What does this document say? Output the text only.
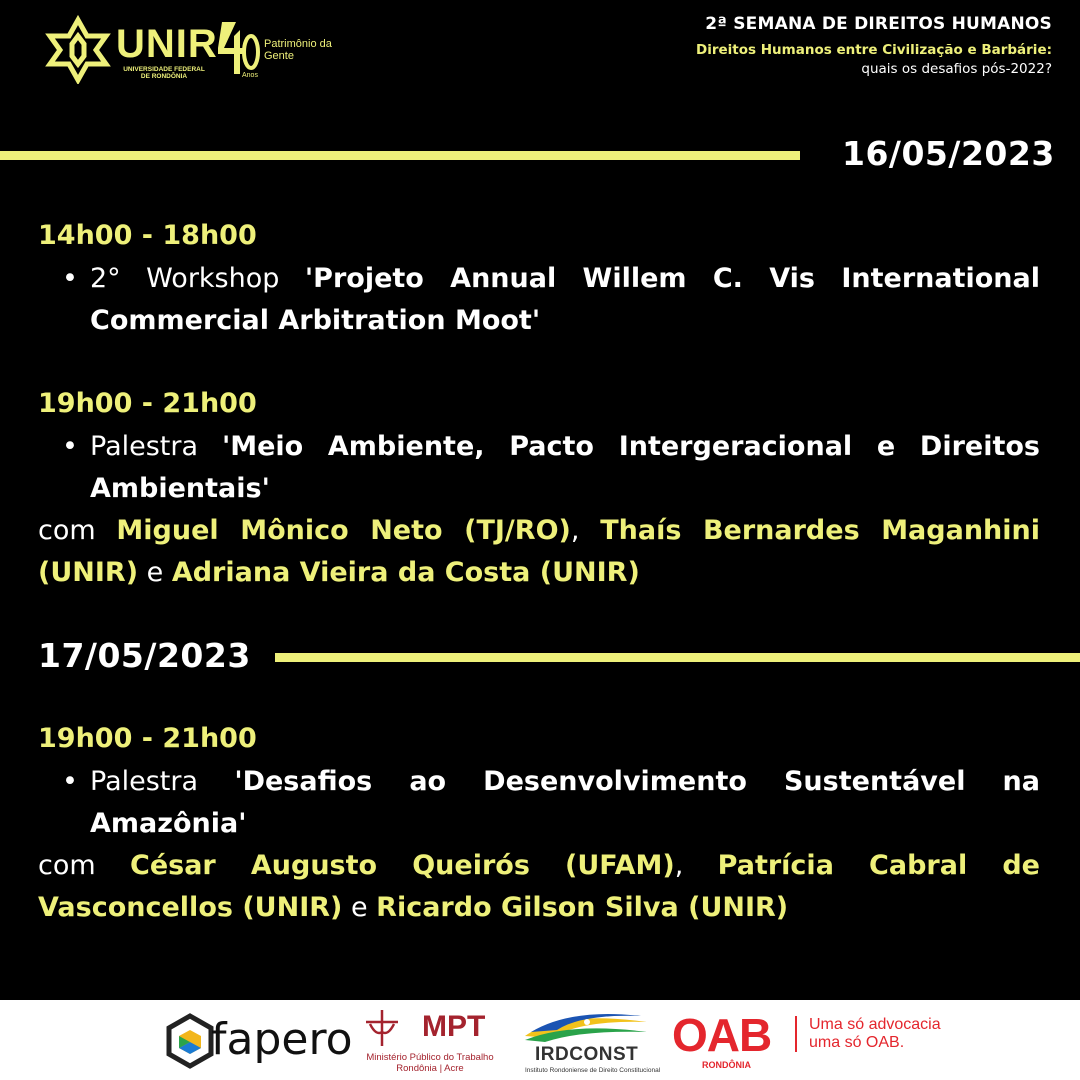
UNIR
UNIVERSIDADE FEDERAL DE RONDÔNIA
Patrimônio da Gente
Anos
2ª SEMANA DE DIREITOS HUMANOS
Direitos Humanos entre Civilização e Barbárie:
quais os desafios pós-2022?
16/05/2023
14h00 - 18h00
• 2° Workshop 'Projeto Annual Willem C. Vis International Commercial Arbitration Moot'
19h00 - 21h00
• Palestra 'Meio Ambiente, Pacto Intergeracional e Direitos Ambientais'
com Miguel Mônico Neto (TJ/RO), Thaís Bernardes Maganhini (UNIR) e Adriana Vieira da Costa (UNIR)
17/05/2023
19h00 - 21h00
• Palestra 'Desafios ao Desenvolvimento Sustentável na Amazônia'
com César Augusto Queirós (UFAM), Patrícia Cabral de Vasconcellos (UNIR) e Ricardo Gilson Silva (UNIR)
fapero MPT
Ministério Público do Trabalho
Rondônia | Acre
IRDCONST
Instituto Rondoniense de Direito Constitucional
OAB
RONDÔNIA
Uma só advocacia
uma só OAB.
